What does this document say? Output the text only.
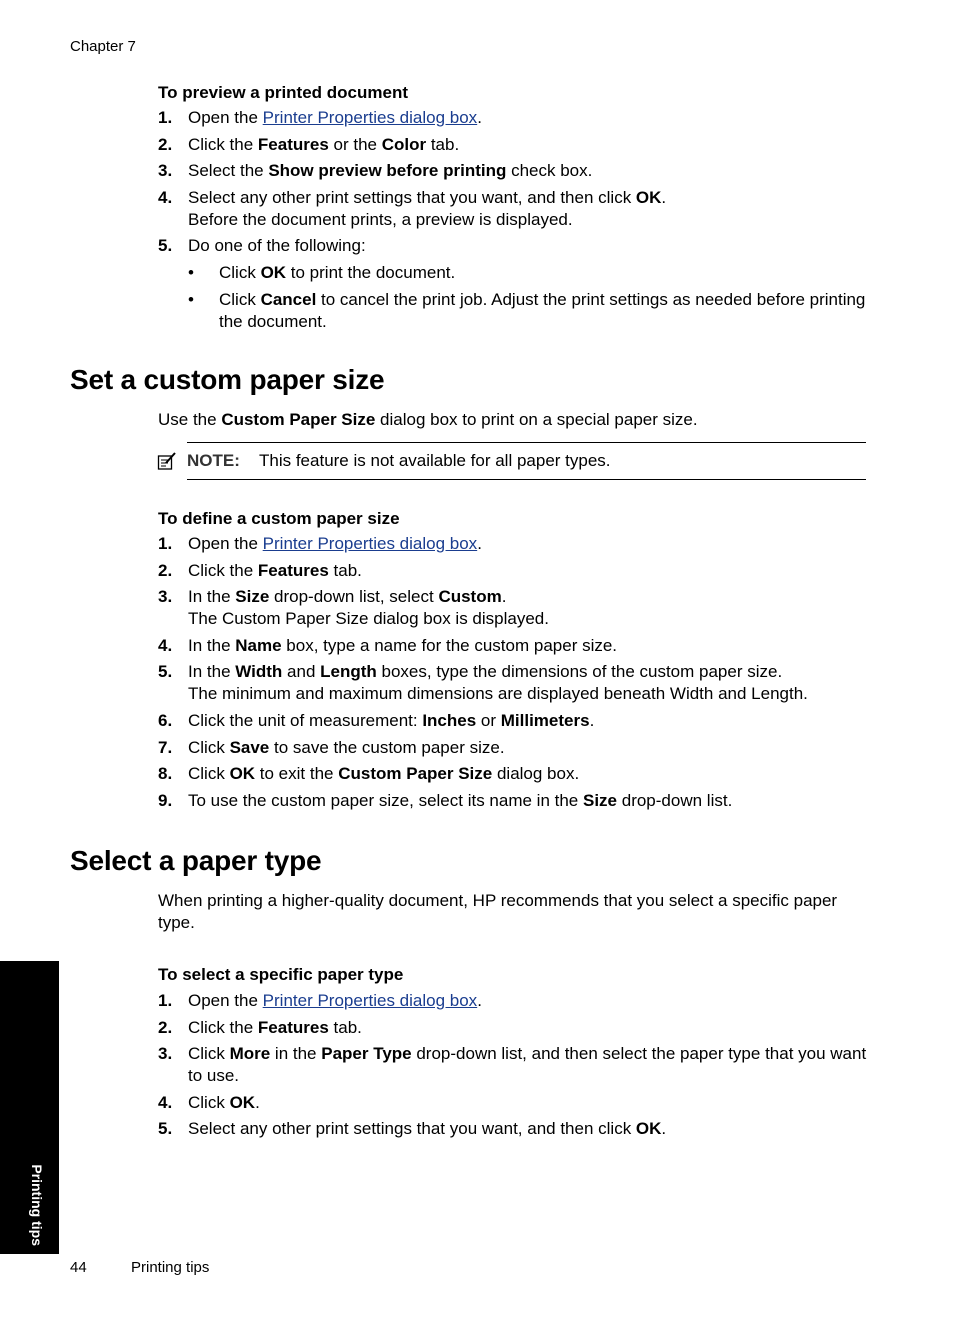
Chapter 7
To preview a printed document
1. Open the Printer Properties dialog box.
2. Click the Features or the Color tab.
3. Select the Show preview before printing check box.
4. Select any other print settings that you want, and then click OK.
Before the document prints, a preview is displayed.
5. Do one of the following:
• Click OK to print the document.
• Click Cancel to cancel the print job. Adjust the print settings as needed before printing the document.
Set a custom paper size
Use the Custom Paper Size dialog box to print on a special paper size.
NOTE: This feature is not available for all paper types.
To define a custom paper size
1. Open the Printer Properties dialog box.
2. Click the Features tab.
3. In the Size drop-down list, select Custom.
The Custom Paper Size dialog box is displayed.
4. In the Name box, type a name for the custom paper size.
5. In the Width and Length boxes, type the dimensions of the custom paper size.
The minimum and maximum dimensions are displayed beneath Width and Length.
6. Click the unit of measurement: Inches or Millimeters.
7. Click Save to save the custom paper size.
8. Click OK to exit the Custom Paper Size dialog box.
9. To use the custom paper size, select its name in the Size drop-down list.
Select a paper type
When printing a higher-quality document, HP recommends that you select a specific paper type.
To select a specific paper type
1. Open the Printer Properties dialog box.
2. Click the Features tab.
3. Click More in the Paper Type drop-down list, and then select the paper type that you want to use.
4. Click OK.
5. Select any other print settings that you want, and then click OK.
Printing tips
44	Printing tips
